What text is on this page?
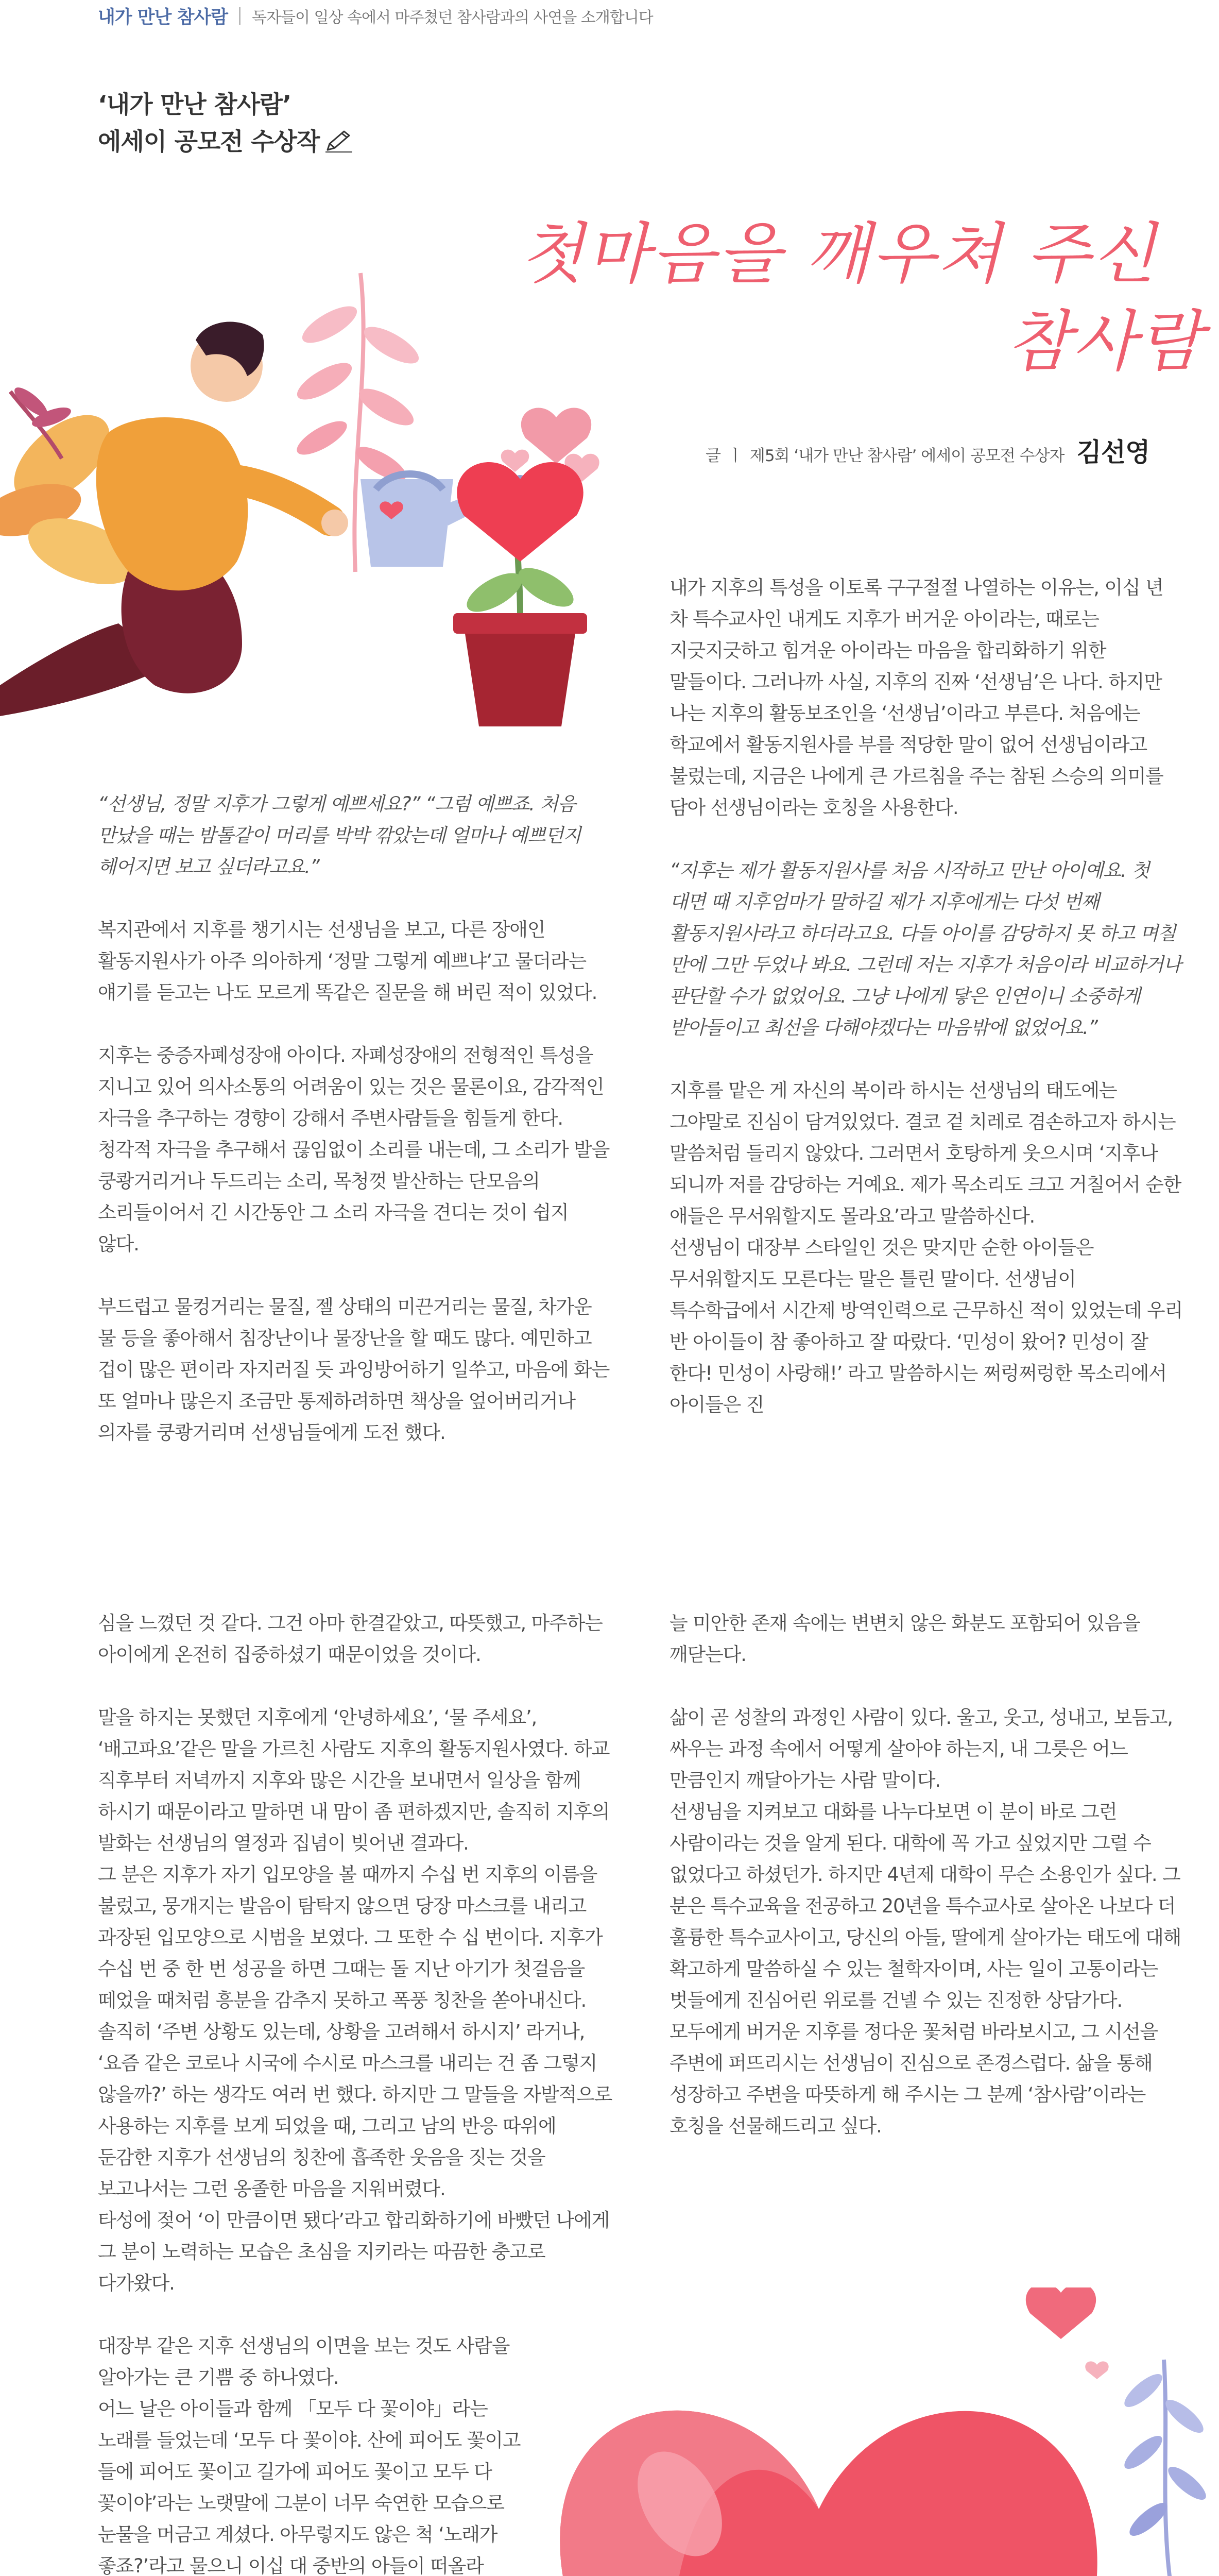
내가 만난 참사람 독자들이 일상 속에서 마주쳤던 참사람과의 사연을 소개합니다
‘내가 만난 참사람’
에세이 공모전 수상작
첫마음을 깨우쳐 주신
참사람
글 ㅣ 제5회 ‘내가 만난 참사람’ 에세이 공모전 수상자 김선영

“선생님, 정말 지후가 그렇게 예쁘세요?” “그럼 예쁘죠. 처음 만났을 때는 밤톨같이 머리를 박박 깎았는데 얼마나 예쁘던지 헤어지면 보고 싶더라고요.”

복지관에서 지후를 챙기시는 선생님을 보고, 다른 장애인 활동지원사가 아주 의아하게 ‘정말 그렇게 예쁘냐’고 물더라는 얘기를 듣고는 나도 모르게 똑같은 질문을 해 버린 적이 있었다.

지후는 중증자폐성장애 아이다. 자폐성장애의 전형적인 특성을 지니고 있어 의사소통의 어려움이 있는 것은 물론이요, 감각적인 자극을 추구하는 경향이 강해서 주변사람들을 힘들게 한다. 청각적 자극을 추구해서 끊임없이 소리를 내는데, 그 소리가 발을 쿵쾅거리거나 두드리는 소리, 목청껏 발산하는 단모음의 소리들이어서 긴 시간동안 그 소리 자극을 견디는 것이 쉽지 않다.

부드럽고 물컹거리는 물질, 젤 상태의 미끈거리는 물질, 차가운 물 등을 좋아해서 침장난이나 물장난을 할 때도 많다. 예민하고 겁이 많은 편이라 자지러질 듯 과잉방어하기 일쑤고, 마음에 화는 또 얼마나 많은지 조금만 통제하려하면 책상을 엎어버리거나 의자를 쿵쾅거리며 선생님들에게 도전 했다.

내가 지후의 특성을 이토록 구구절절 나열하는 이유는, 이십 년 차 특수교사인 내게도 지후가 버거운 아이라는, 때로는 지긋지긋하고 힘겨운 아이라는 마음을 합리화하기 위한 말들이다. 그러나까 사실, 지후의 진짜 ‘선생님’은 나다. 하지만 나는 지후의 활동보조인을 ‘선생님’이라고 부른다. 처음에는 학교에서 활동지원사를 부를 적당한 말이 없어 선생님이라고 불렀는데, 지금은 나에게 큰 가르침을 주는 참된 스승의 의미를 담아 선생님이라는 호칭을 사용한다.

“지후는 제가 활동지원사를 처음 시작하고 만난 아이예요. 첫 대면 때 지후엄마가 말하길 제가 지후에게는 다섯 번째 활동지원사라고 하더라고요. 다들 아이를 감당하지 못 하고 며칠 만에 그만 두었나 봐요. 그런데 저는 지후가 처음이라 비교하거나 판단할 수가 없었어요. 그냥 나에게 닿은 인연이니 소중하게 받아들이고 최선을 다해야겠다는 마음밖에 없었어요.”

지후를 맡은 게 자신의 복이라 하시는 선생님의 태도에는 그야말로 진심이 담겨있었다. 결코 겉 치레로 겸손하고자 하시는 말씀처럼 들리지 않았다. 그러면서 호탕하게 웃으시며 ‘지후나 되니까 저를 감당하는 거예요. 제가 목소리도 크고 거칠어서 순한 애들은 무서워할지도 몰라요’라고 말씀하신다.

선생님이 대장부 스타일인 것은 맞지만 순한 아이들은 무서워할지도 모른다는 말은 틀린 말이다. 선생님이 특수학급에서 시간제 방역인력으로 근무하신 적이 있었는데 우리 반 아이들이 참 좋아하고 잘 따랐다. ‘민성이 왔어? 민성이 잘 한다! 민성이 사랑해!’ 라고 말씀하시는 쩌렁쩌렁한 목소리에서 아이들은 진

심을 느꼈던 것 같다. 그건 아마 한결같았고, 따뜻했고, 마주하는 아이에게 온전히 집중하셨기 때문이었을 것이다.

말을 하지는 못했던 지후에게 ‘안녕하세요’, ‘물 주세요’, ‘배고파요’같은 말을 가르친 사람도 지후의 활동지원사였다. 하교 직후부터 저녁까지 지후와 많은 시간을 보내면서 일상을 함께 하시기 때문이라고 말하면 내 맘이 좀 편하겠지만, 솔직히 지후의 발화는 선생님의 열정과 집념이 빚어낸 결과다.

그 분은 지후가 자기 입모양을 볼 때까지 수십 번 지후의 이름을 불렀고, 뭉개지는 발음이 탐탁지 않으면 당장 마스크를 내리고 과장된 입모양으로 시범을 보였다. 그 또한 수 십 번이다. 지후가 수십 번 중 한 번 성공을 하면 그때는 돌 지난 아기가 첫걸음을 떼었을 때처럼 흥분을 감추지 못하고 폭풍 칭찬을 쏟아내신다. 솔직히 ‘주변 상황도 있는데, 상황을 고려해서 하시지’ 라거나, ‘요즘 같은 코로나 시국에 수시로 마스크를 내리는 건 좀 그렇지 않을까?’ 하는 생각도 여러 번 했다. 하지만 그 말들을 자발적으로 사용하는 지후를 보게 되었을 때, 그리고 남의 반응 따위에 둔감한 지후가 선생님의 칭찬에 흡족한 웃음을 짓는 것을 보고나서는 그런 옹졸한 마음을 지워버렸다.

타성에 젖어 ‘이 만큼이면 됐다’라고 합리화하기에 바빴던 나에게 그 분이 노력하는 모습은 초심을 지키라는 따끔한 충고로 다가왔다.

대장부 같은 지후 선생님의 이면을 보는 것도 사람을 알아가는 큰 기쁨 중 하나였다.

어느 날은 아이들과 함께 「모두 다 꽃이야」라는 노래를 들었는데 ‘모두 다 꽃이야. 산에 피어도 꽃이고 들에 피어도 꽃이고 길가에 피어도 꽃이고 모두 다 꽃이야’라는 노랫말에 그분이 너무 숙연한 모습으로 눈물을 머금고 계셨다. 아무렇지도 않은 척 ‘노래가 좋죠?’라고 물으니 이십 대 중반의 아들이 떠올라

늘 미안한 존재 속에는 변변치 않은 화분도 포함되어 있음을 깨닫는다.

삶이 곧 성찰의 과정인 사람이 있다. 울고, 웃고, 성내고, 보듬고, 싸우는 과정 속에서 어떻게 살아야 하는지, 내 그릇은 어느 만큼인지 깨달아가는 사람 말이다.

선생님을 지켜보고 대화를 나누다보면 이 분이 바로 그런 사람이라는 것을 알게 된다. 대학에 꼭 가고 싶었지만 그럴 수 없었다고 하셨던가. 하지만 4년제 대학이 무슨 소용인가 싶다. 그 분은 특수교육을 전공하고 20년을 특수교사로 살아온 나보다 더 훌륭한 특수교사이고, 당신의 아들, 딸에게 살아가는 태도에 대해 확고하게 말씀하실 수 있는 철학자이며, 사는 일이 고통이라는 벗들에게 진심어린 위로를 건넬 수 있는 진정한 상담가다. 모두에게 버거운 지후를 정다운 꽃처럼 바라보시고, 그 시선을 주변에 퍼뜨리시는 선생님이 진심으로 존경스럽다. 삶을 통해 성장하고 주변을 따뜻하게 해 주시는 그 분께 ‘참사람’이라는 호칭을 선물해드리고 싶다.
